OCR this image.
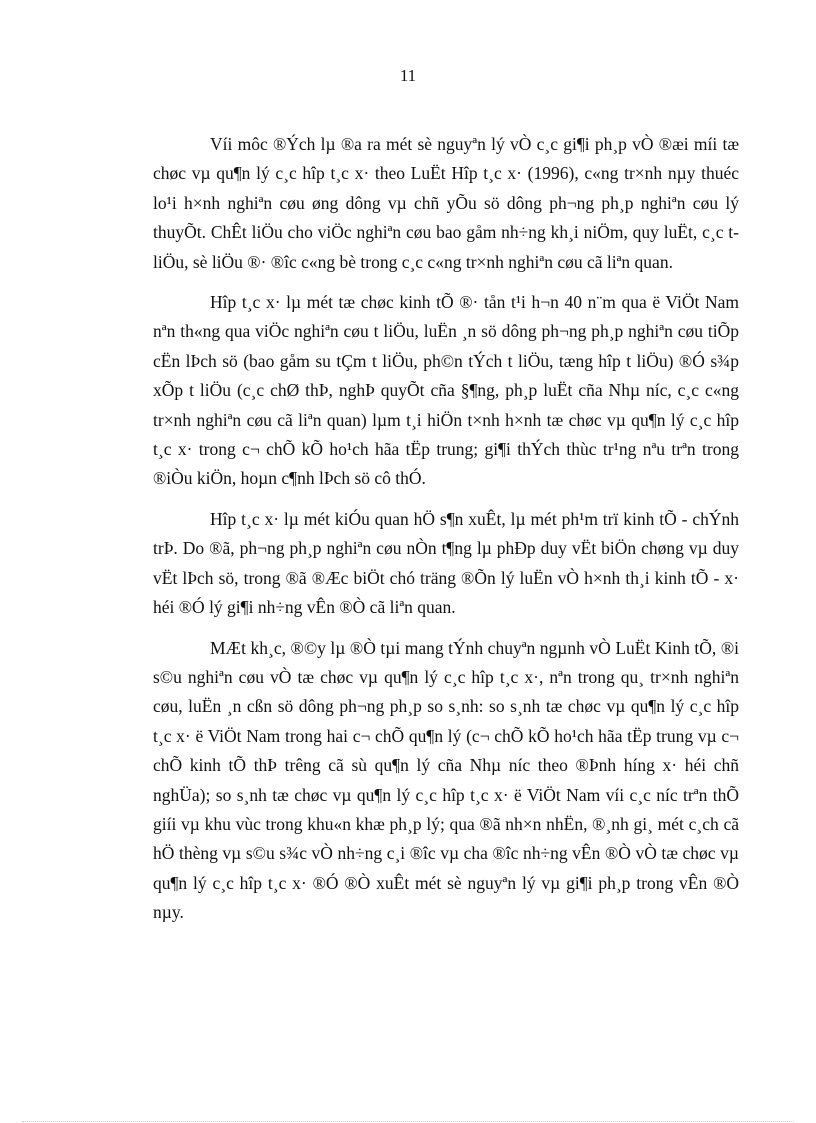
11

Víi môc ®Ých lµ ®a ra mét sè nguyªn lý vÒ c¸c gi¶i ph¸p vÒ ®æi míi tæ chøc vµ qu¶n lý c¸c hîp t¸c x· theo LuËt Hîp t¸c x· (1996), c«ng tr×nh nµy thuéc lo¹i h×nh nghiªn cøu øng dông vµ chñ yÕu sö dông ph¬ng ph¸p nghiªn cøu lý thuyÕt. ChÊt liÖu cho viÖc nghiªn cøu bao gåm nh÷ng kh¸i niÖm, quy luËt, c¸c t liÖu, sè liÖu ®· ®îc c«ng bè trong c¸c c«ng tr×nh nghiªn cøu cã liªn quan.

Hîp t¸c x· lµ mét tæ chøc kinh tÕ ®· tån t¹i h¬n 40 n¨m qua ë ViÖt Nam nªn th«ng qua viÖc nghiªn cøu t liÖu, luËn ¸n sö dông ph¬ng ph¸p nghiªn cøu tiÕp cËn lÞch sö (bao gåm su tÇm t liÖu, ph©n tÝch t liÖu, tæng hîp t liÖu) ®Ó s¾p xÕp t liÖu (c¸c chØ thÞ, nghÞ quyÕt cña §¶ng, ph¸p luËt cña Nhµ níc, c¸c c«ng tr×nh nghiªn cøu cã liªn quan) lµm t¸i hiÖn t×nh h×nh tæ chøc vµ qu¶n lý c¸c hîp t¸c x· trong c¬ chÕ kÕ ho¹ch hãa tËp trung; gi¶i thÝch thùc tr¹ng nªu trªn trong ®iÒu kiÖn, hoµn c¶nh lÞch sö cô thÓ.

Hîp t¸c x· lµ mét kiÓu quan hÖ s¶n xuÊt, lµ mét ph¹m trï kinh tÕ - chÝnh trÞ. Do ®ã, ph¬ng ph¸p nghiªn cøu nÒn t¶ng lµ phÐp duy vËt biÖn chøng vµ duy vËt lÞch sö, trong ®ã ®Æc biÖt chó träng ®Õn lý luËn vÒ h×nh th¸i kinh tÕ - x· héi ®Ó lý gi¶i nh÷ng vÊn ®Ò cã liªn quan.

MÆt kh¸c, ®©y lµ ®Ò tµi mang tÝnh chuyªn ngµnh vÒ LuËt Kinh tÕ, ®i s©u nghiªn cøu vÒ tæ chøc vµ qu¶n lý c¸c hîp t¸c x·, nªn trong qu¸ tr×nh nghiªn cøu, luËn ¸n cßn sö dông ph¬ng ph¸p so s¸nh: so s¸nh tæ chøc vµ qu¶n lý c¸c hîp t¸c x· ë ViÖt Nam trong hai c¬ chÕ qu¶n lý (c¬ chÕ kÕ ho¹ch hãa tËp trung vµ c¬ chÕ kinh tÕ thÞ trêng cã sù qu¶n lý cña Nhµ níc theo ®Þnh híng x· héi chñ nghÜa); so s¸nh tæ chøc vµ qu¶n lý c¸c hîp t¸c x· ë ViÖt Nam víi c¸c níc trªn thÕ giíi vµ khu vùc trong khu«n khæ ph¸p lý; qua ®ã nh×n nhËn, ®¸nh gi¸ mét c¸ch cã hÖ thèng vµ s©u s¾c vÒ nh÷ng c¸i ®îc vµ cha ®îc nh÷ng vÊn ®Ò vÒ tæ chøc vµ qu¶n lý c¸c hîp t¸c x· ®Ó ®Ò xuÊt mét sè nguyªn lý vµ gi¶i ph¸p trong vÊn ®Ò nµy.
